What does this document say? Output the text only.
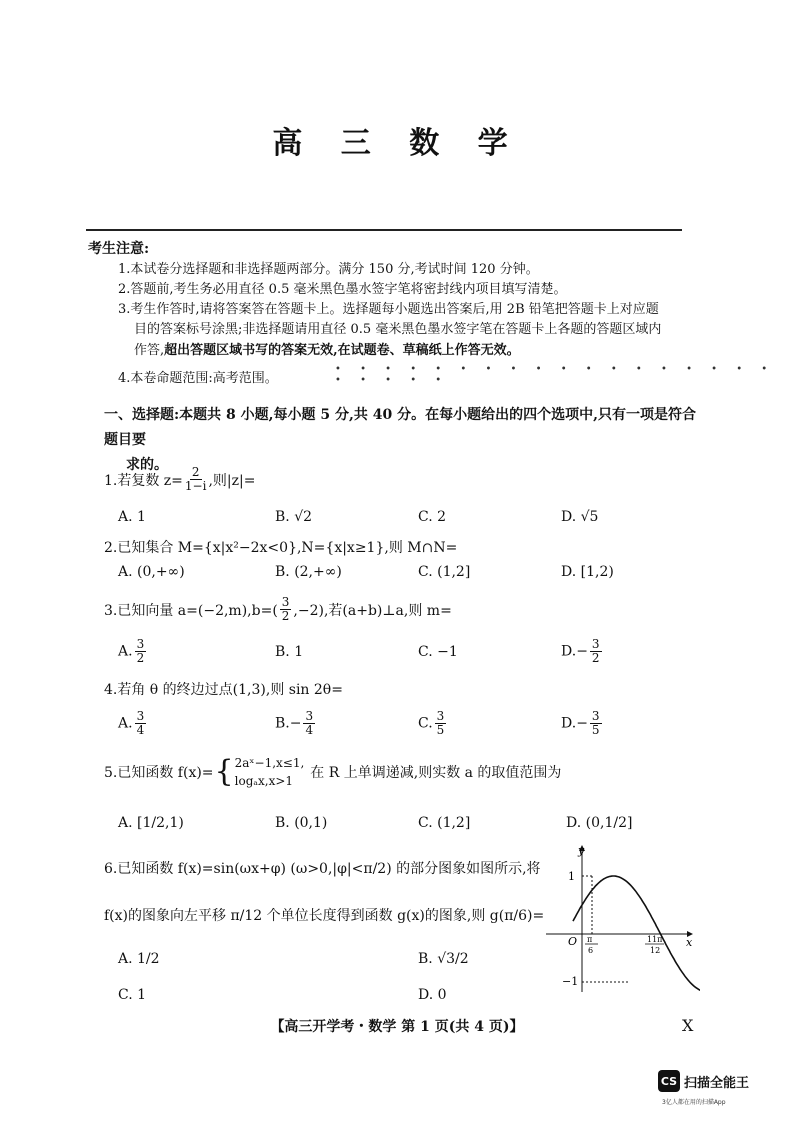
高 三 数 学
考生注意:
1.本试卷分选择题和非选择题两部分。满分 150 分,考试时间 120 分钟。
2.答题前,考生务必用直径 0.5 毫米黑色墨水签字笔将密封线内项目填写清楚。
3.考生作答时,请将答案答在答题卡上。选择题每小题选出答案后,用 2B 铅笔把答题卡上对应题
目的答案标号涂黑;非选择题请用直径 0.5 毫米黑色墨水签字笔在答题卡上各题的答题区域内
作答,超出答题区域书写的答案无效,在试题卷、草稿纸上作答无效。
• • • • • • • • • • • • • • • • • • • • • • •
4.本卷命题范围:高考范围。
一、选择题:本题共 8 小题,每小题 5 分,共 40 分。在每小题给出的四个选项中,只有一项是符合题目要
求的。
1.若复数 $z= \frac{2}{1-i}$ ,则|z|=
A. 1	B. √2	C. 2	D. √5
2.已知集合 M={x|x²−2x<0},N={x|x≥1},则 M∩N=
A. (0,+∞)	B. (2,+∞)	C. (1,2]	D. [1,2)
3.已知向量 $a=(-2,m),b=( \frac{3}{2} ,-2)$,若(a+b)⊥a,则 m=
A. $\frac{3}{2}$	B. 1	C. −1	$D.- \frac{3}{2}$
4.若角 θ 的终边过点(1,3),则 sin 2θ=
A. $\frac{3}{4}$	$B.- \frac{3}{4}$	C. $\frac{3}{5}$	$D.- \frac{3}{5}$
5.已知函数 f(x)= { 2aˣ−1,x≤1,
logₐx,x>1	在 R 上单调递减,则实数 a 的取值范围为
A. [1/2,1)	B. (0,1)	C. (1,2]	D. (0,1/2]
6.已知函数 f(x)=sin(ωx+φ) (ω>0,|φ|<π/2) 的部分图象如图所示,将
f(x)的图象向左平移 π/12 个单位长度得到函数 g(x)的图象,则 g(π/6)=
A. 1/2	B. √3/2
C. 1	D. 0
y
x
O
1
−1
π
6
11π
12
【高三开学考・数学 第 1 页(共 4 页)】	X
CS 扫描全能王
3亿人都在用的扫描App
